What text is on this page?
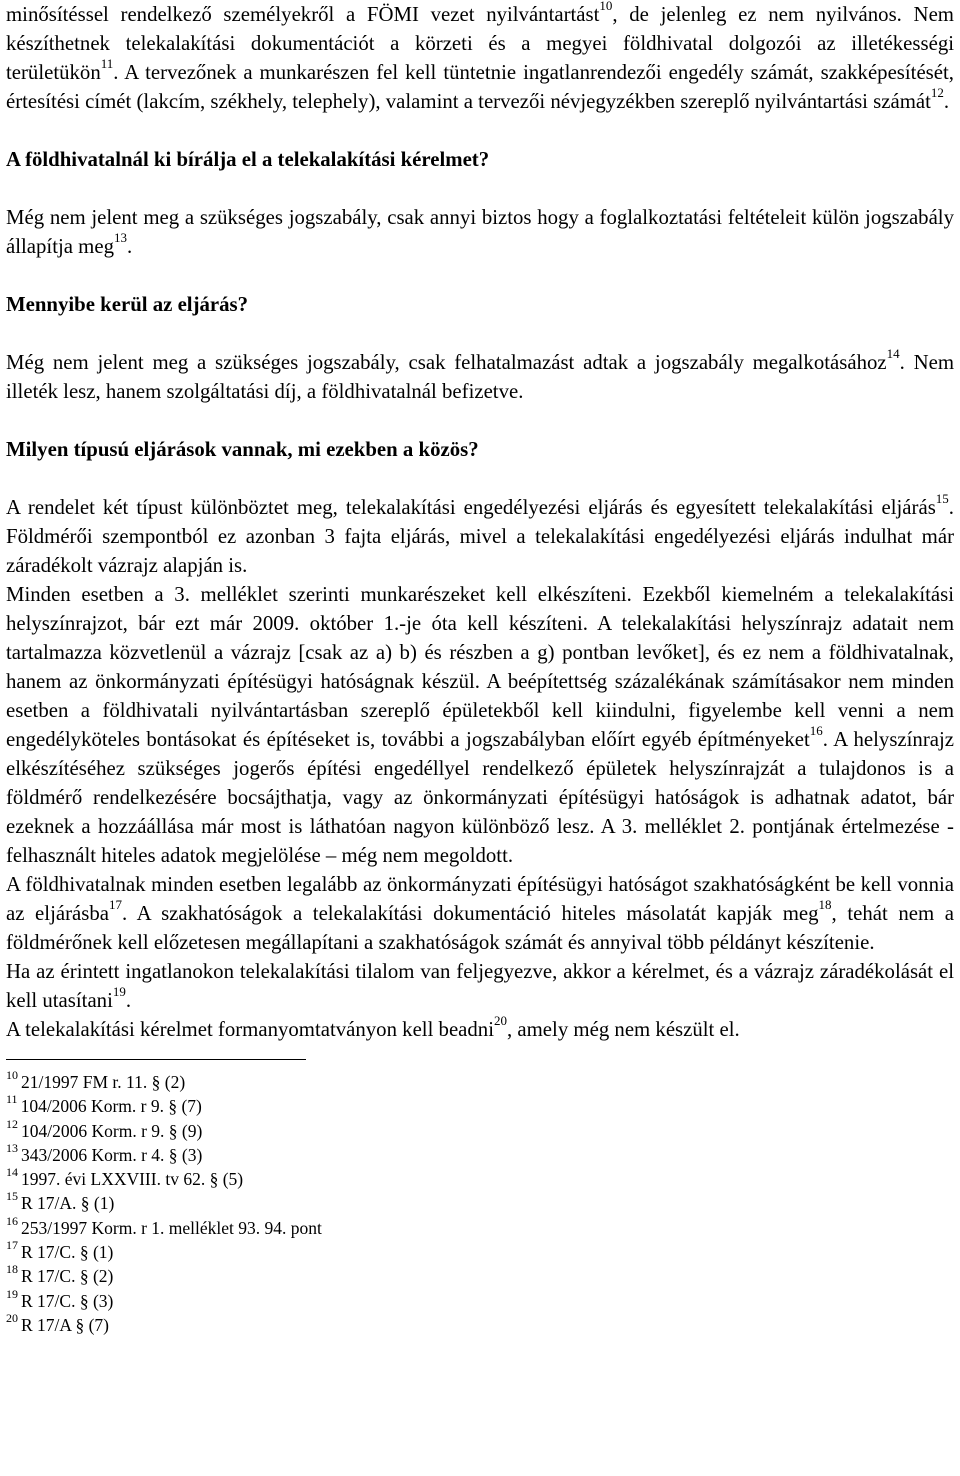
minősítéssel rendelkező személyekről a FÖMI vezet nyilvántartást$^{10}$, de jelenleg ez nem nyilvános. Nem készíthetnek telekalakítási dokumentációt a körzeti és a megyei földhivatal dolgozói az illetékességi területükön$^{11}$. A tervezőnek a munkarészen fel kell tüntetnie ingatlanrendezői engedély számát, szakképesítését, értesítési címét (lakcím, székhely, telephely), valamint a tervezői névjegyzékben szereplő nyilvántartási számát$^{12}$.

A földhivatalnál ki bírálja el a telekalakítási kérelmet?

Még nem jelent meg a szükséges jogszabály, csak annyi biztos hogy a foglalkoztatási feltételeit külön jogszabály állapítja meg$^{13}$.

Mennyibe kerül az eljárás?

Még nem jelent meg a szükséges jogszabály, csak felhatalmazást adtak a jogszabály megalkotásához$^{14}$. Nem illeték lesz, hanem szolgáltatási díj, a földhivatalnál befizetve.

Milyen típusú eljárások vannak, mi ezekben a közös?

A rendelet két típust különböztet meg, telekalakítási engedélyezési eljárás és egyesített telekalakítási eljárás$^{15}$. Földmérői szempontból ez azonban 3 fajta eljárás, mivel a telekalakítási engedélyezési eljárás indulhat már záradékolt vázrajz alapján is.

Minden esetben a 3. melléklet szerinti munkarészeket kell elkészíteni. Ezekből kiemelném a telekalakítási helyszínrajzot, bár ezt már 2009. október 1.-je óta kell készíteni. A telekalakítási helyszínrajz adatait nem tartalmazza közvetlenül a vázrajz [csak az a) b) és részben a g) pontban levőket], és ez nem a földhivatalnak, hanem az önkormányzati építésügyi hatóságnak készül. A beépítettség százalékának számításakor nem minden esetben a földhivatali nyilvántartásban szereplő épületekből kell kiindulni, figyelembe kell venni a nem engedélyköteles bontásokat és építéseket is, további a jogszabályban előírt egyéb építményeket$^{16}$. A helyszínrajz elkészítéséhez szükséges jogerős építési engedéllyel rendelkező épületek helyszínrajzát a tulajdonos is a földmérő rendelkezésére bocsájthatja, vagy az önkormányzati építésügyi hatóságok is adhatnak adatot, bár ezeknek a hozzáállása már most is láthatóan nagyon különböző lesz. A 3. melléklet 2. pontjának értelmezése - felhasznált hiteles adatok megjelölése – még nem megoldott.

A földhivatalnak minden esetben legalább az önkormányzati építésügyi hatóságot szakhatóságként be kell vonnia az eljárásba$^{17}$. A szakhatóságok a telekalakítási dokumentáció hiteles másolatát kapják meg$^{18}$, tehát nem a földmérőnek kell előzetesen megállapítani a szakhatóságok számát és annyival több példányt készítenie.

Ha az érintett ingatlanokon telekalakítási tilalom van feljegyezve, akkor a kérelmet, és a vázrajz záradékolását el kell utasítani$^{19}$.

A telekalakítási kérelmet formanyomtatványon kell beadni$^{20}$, amely még nem készült el.

$^{10}$ 21/1997 FM r. 11. § (2)
$^{11}$ 104/2006 Korm. r 9. § (7)
$^{12}$ 104/2006 Korm. r 9. § (9)
$^{13}$ 343/2006 Korm. r 4. § (3)
$^{14}$ 1997. évi LXXVIII. tv 62. § (5)
$^{15}$ R 17/A. § (1)
$^{16}$ 253/1997 Korm. r 1. melléklet 93. 94. pont
$^{17}$ R 17/C. § (1)
$^{18}$ R 17/C. § (2)
$^{19}$ R 17/C. § (3)
$^{20}$ R 17/A § (7)
